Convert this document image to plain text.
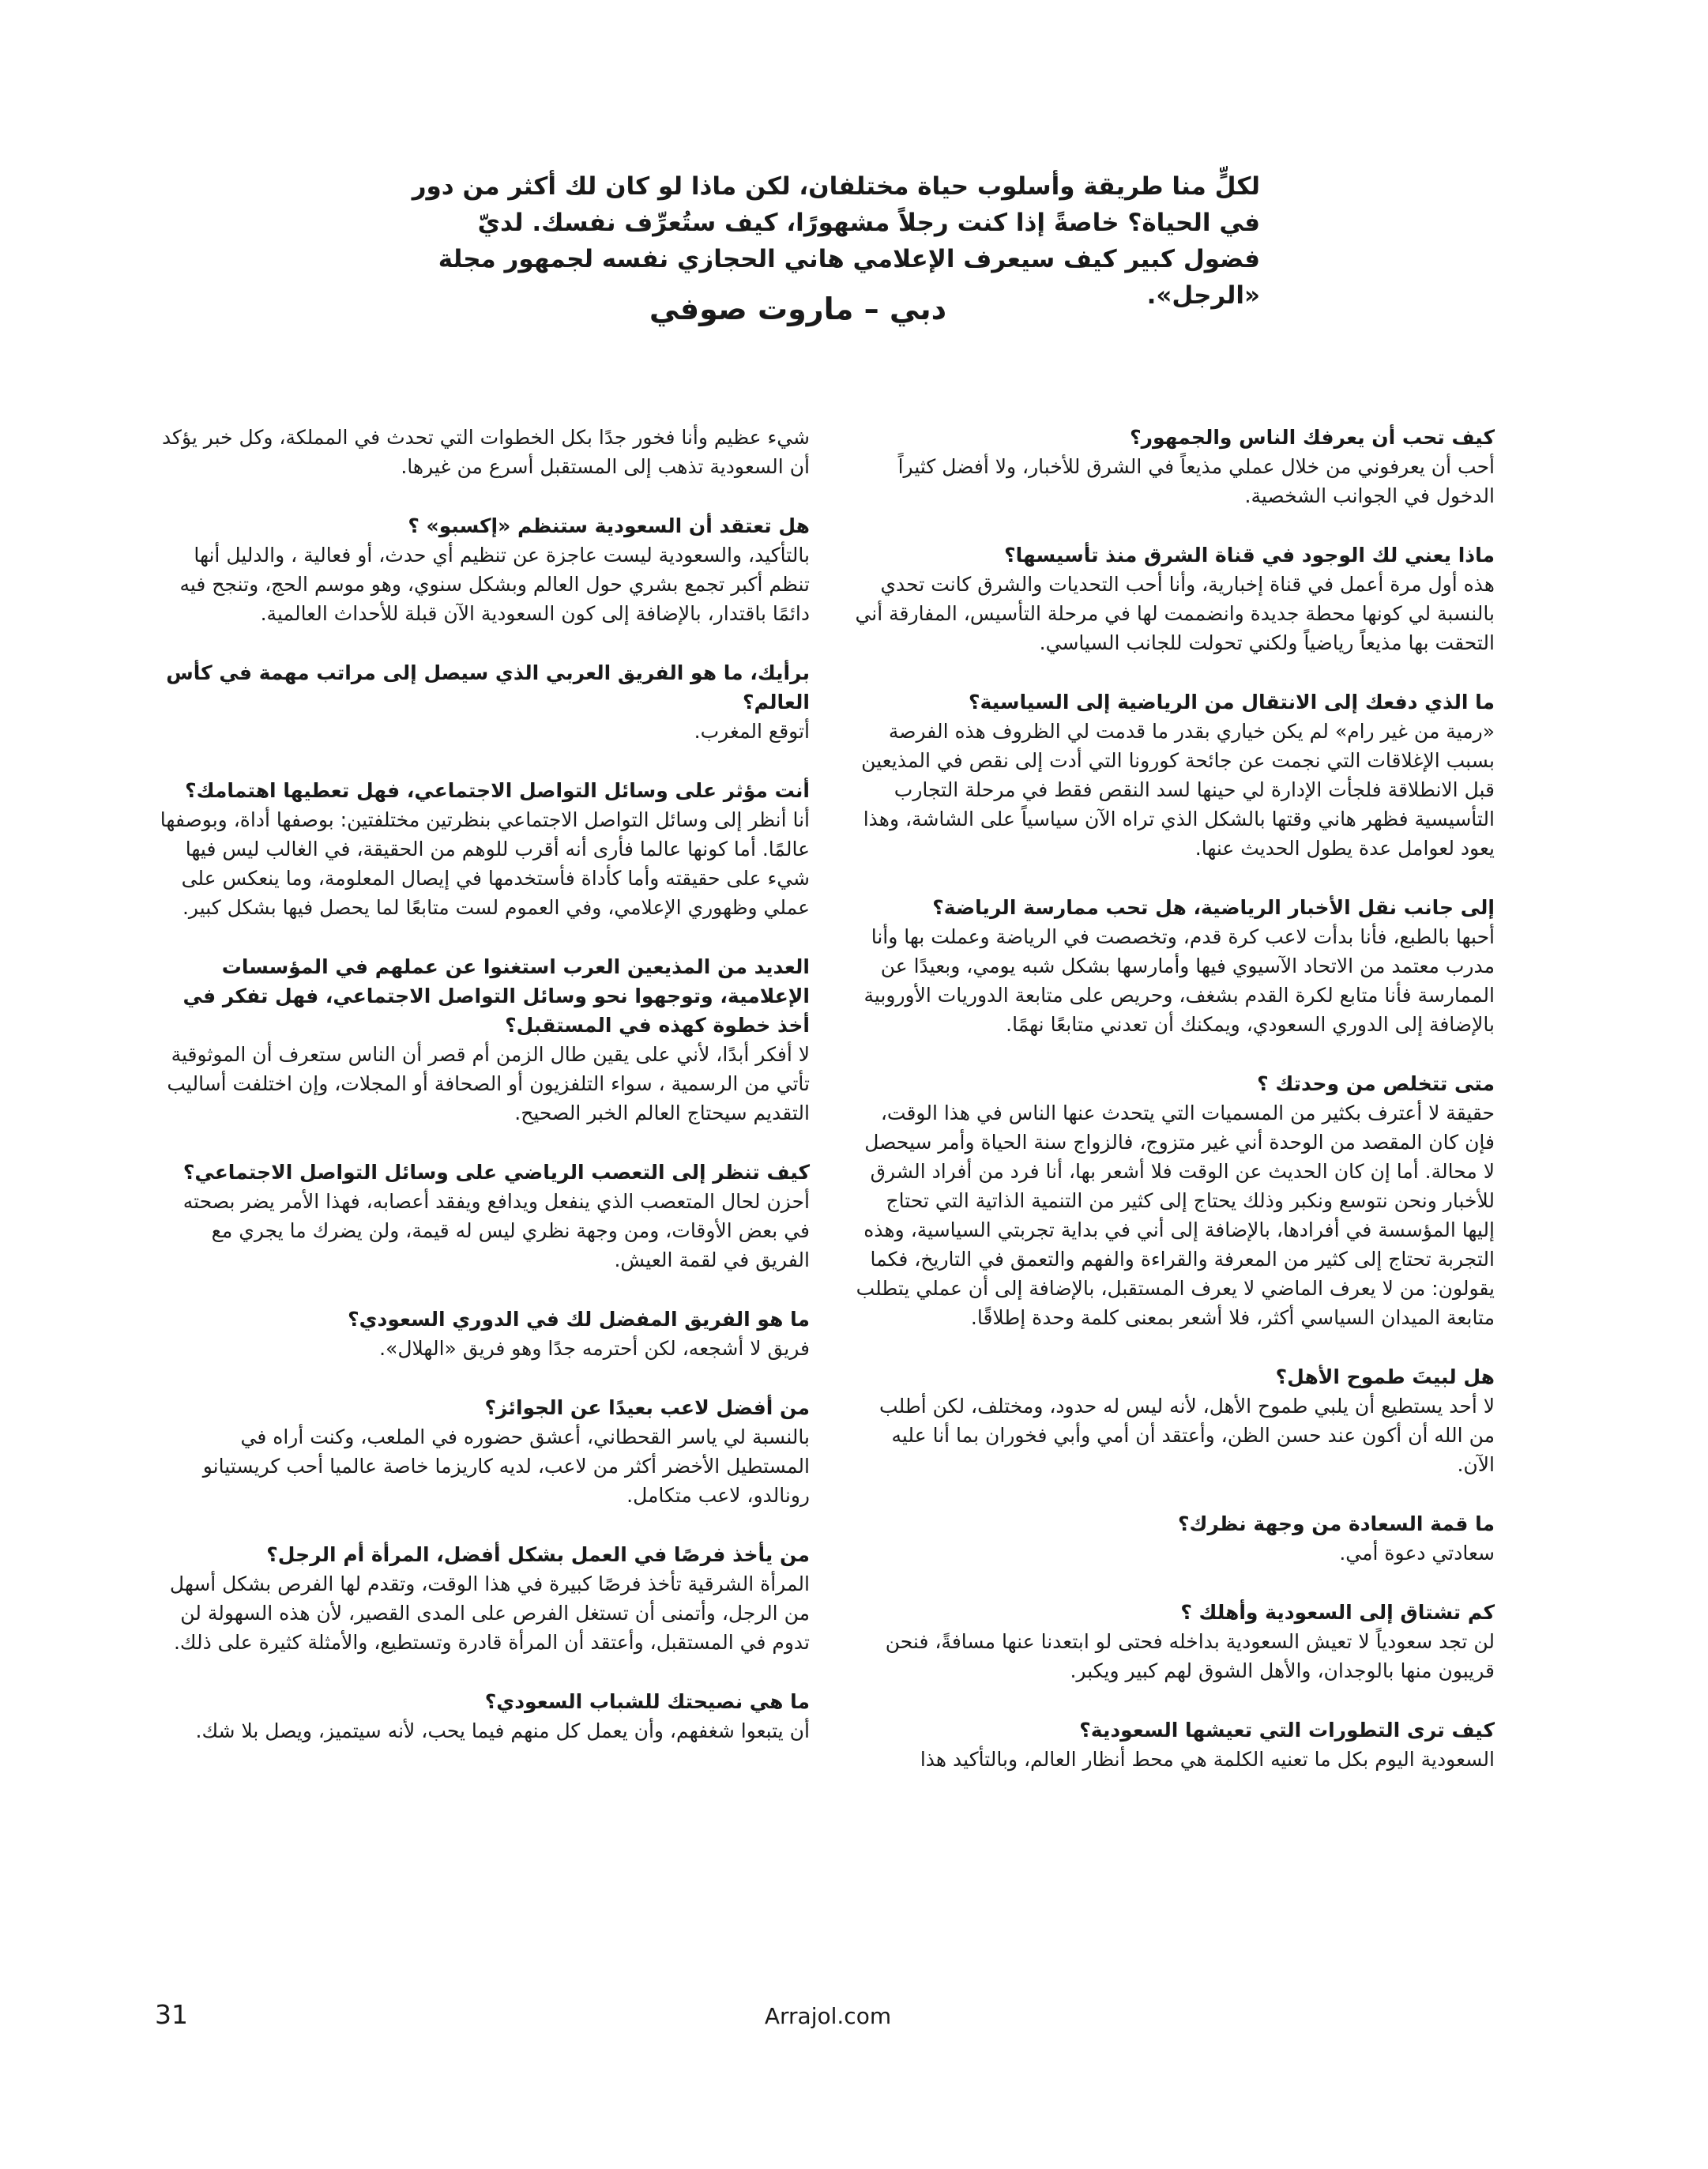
لكلٍّ منا طريقة وأسلوب حياة مختلفان، لكن ماذا لو كان لك أكثر من دور في الحياة؟ خاصةً إذا كنت رجلاً مشهورًا، كيف ستُعرِّف نفسك. لديّ فضول كبير كيف سيعرف الإعلامي هاني الحجازي نفسه لجمهور مجلة «الرجل».
دبي – ماروت صوفي

كيف تحب أن يعرفك الناس والجمهور؟

أحب أن يعرفوني من خلال عملي مذيعاً في الشرق للأخبار، ولا أفضل كثيراً الدخول في الجوانب الشخصية.

ماذا يعني لك الوجود في قناة الشرق منذ تأسيسها؟

هذه أول مرة أعمل في قناة إخبارية، وأنا أحب التحديات والشرق كانت تحدي بالنسبة لي كونها محطة جديدة وانضممت لها في مرحلة التأسيس، المفارقة أني التحقت بها مذيعاً رياضياً ولكني تحولت للجانب السياسي.

ما الذي دفعك إلى الانتقال من الرياضية إلى السياسية؟

«رمية من غير رام» لم يكن خياري بقدر ما قدمت لي الظروف هذه الفرصة بسبب الإغلاقات التي نجمت عن جائحة كورونا التي أدت إلى نقص في المذيعين قبل الانطلاقة فلجأت الإدارة لي حينها لسد النقص فقط في مرحلة التجارب التأسيسية فظهر هاني وقتها بالشكل الذي تراه الآن سياسياً على الشاشة، وهذا يعود لعوامل عدة يطول الحديث عنها.

إلى جانب نقل الأخبار الرياضية، هل تحب ممارسة الرياضة؟

أحبها بالطبع، فأنا بدأت لاعب كرة قدم، وتخصصت في الرياضة وعملت بها وأنا مدرب معتمد من الاتحاد الآسيوي فيها وأمارسها بشكل شبه يومي، وبعيدًا عن الممارسة فأنا متابع لكرة القدم بشغف، وحريص على متابعة الدوريات الأوروبية بالإضافة إلى الدوري السعودي، ويمكنك أن تعدني متابعًا نهمًا.

متى تتخلص من وحدتك ؟

حقيقة لا أعترف بكثير من المسميات التي يتحدث عنها الناس في هذا الوقت، فإن كان المقصد من الوحدة أني غير متزوج، فالزواج سنة الحياة وأمر سيحصل لا محالة. أما إن كان الحديث عن الوقت فلا أشعر بها، أنا فرد من أفراد الشرق للأخبار ونحن نتوسع ونكبر وذلك يحتاج إلى كثير من التنمية الذاتية التي تحتاج إليها المؤسسة في أفرادها، بالإضافة إلى أني في بداية تجربتي السياسية، وهذه التجربة تحتاج إلى كثير من المعرفة والقراءة والفهم والتعمق في التاريخ، فكما يقولون: من لا يعرف الماضي لا يعرف المستقبل، بالإضافة إلى أن عملي يتطلب متابعة الميدان السياسي أكثر، فلا أشعر بمعنى كلمة وحدة إطلاقًا.

هل لبيتَ طموح الأهل؟

لا أحد يستطيع أن يلبي طموح الأهل، لأنه ليس له حدود، ومختلف، لكن أطلب من الله أن أكون عند حسن الظن، وأعتقد أن أمي وأبي فخوران بما أنا عليه الآن.

ما قمة السعادة من وجهة نظرك؟

سعادتي دعوة أمي.

كم تشتاق إلى السعودية وأهلك ؟

لن تجد سعودياً لا تعيش السعودية بداخله فحتى لو ابتعدنا عنها مسافةً، فنحن قريبون منها بالوجدان، والأهل الشوق لهم كبير ويكبر.

كيف ترى التطورات التي تعيشها السعودية؟

السعودية اليوم بكل ما تعنيه الكلمة هي محط أنظار العالم، وبالتأكيد هذا

شيء عظيم وأنا فخور جدًا بكل الخطوات التي تحدث في المملكة، وكل خبر يؤكد أن السعودية تذهب إلى المستقبل أسرع من غيرها.

هل تعتقد أن السعودية ستنظم «إكسبو» ؟

بالتأكيد، والسعودية ليست عاجزة عن تنظيم أي حدث، أو فعالية ، والدليل أنها تنظم أكبر تجمع بشري حول العالم وبشكل سنوي، وهو موسم الحج، وتنجح فيه دائمًا باقتدار، بالإضافة إلى كون السعودية الآن قبلة للأحداث العالمية.

برأيك، ما هو الفريق العربي الذي سيصل إلى مراتب مهمة في كأس العالم؟

أتوقع المغرب.

أنت مؤثر على وسائل التواصل الاجتماعي، فهل تعطيها اهتمامك؟

أنا أنظر إلى وسائل التواصل الاجتماعي بنظرتين مختلفتين: بوصفها أداة، وبوصفها عالمًا. أما كونها عالما فأرى أنه أقرب للوهم من الحقيقة، في الغالب ليس فيها شيء على حقيقته وأما كأداة فأستخدمها في إيصال المعلومة، وما ينعكس على عملي وظهوري الإعلامي، وفي العموم لست متابعًا لما يحصل فيها بشكل كبير.

العديد من المذيعين العرب استغنوا عن عملهم في المؤسسات الإعلامية، وتوجهوا نحو وسائل التواصل الاجتماعي، فهل تفكر في أخذ خطوة كهذه في المستقبل؟

لا أفكر أبدًا، لأني على يقين طال الزمن أم قصر أن الناس ستعرف أن الموثوقية تأتي من الرسمية ، سواء التلفزيون أو الصحافة أو المجلات، وإن اختلفت أساليب التقديم سيحتاج العالم الخبر الصحيح.

كيف تنظر إلى التعصب الرياضي على وسائل التواصل الاجتماعي؟

أحزن لحال المتعصب الذي ينفعل ويدافع ويفقد أعصابه، فهذا الأمر يضر بصحته في بعض الأوقات، ومن وجهة نظري ليس له قيمة، ولن يضرك ما يجري مع الفريق في لقمة العيش.

ما هو الفريق المفضل لك في الدوري السعودي؟

فريق لا أشجعه، لكن أحترمه جدًا وهو فريق «الهلال».

من أفضل لاعب بعيدًا عن الجوائز؟

بالنسبة لي ياسر القحطاني، أعشق حضوره في الملعب، وكنت أراه في المستطيل الأخضر أكثر من لاعب، لديه كاريزما خاصة عالميا أحب كريستيانو رونالدو، لاعب متكامل.

من يأخذ فرصًا في العمل بشكل أفضل، المرأة أم الرجل؟

المرأة الشرقية تأخذ فرصًا كبيرة في هذا الوقت، وتقدم لها الفرص بشكل أسهل من الرجل، وأتمنى أن تستغل الفرص على المدى القصير، لأن هذه السهولة لن تدوم في المستقبل، وأعتقد أن المرأة قادرة وتستطيع، والأمثلة كثيرة على ذلك.

ما هي نصيحتك للشباب السعودي؟

أن يتبعوا شغفهم، وأن يعمل كل منهم فيما يحب، لأنه سيتميز، ويصل بلا شك.

31	Arrajol.com
